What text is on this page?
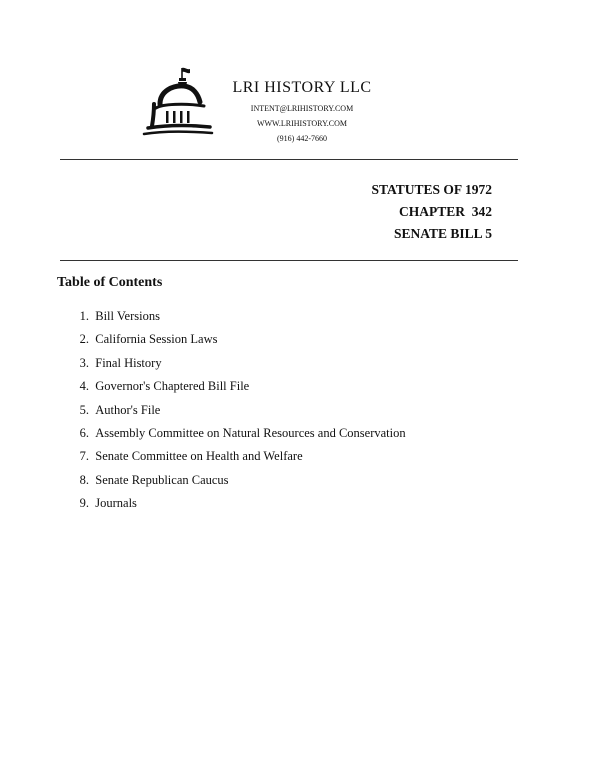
LRI HISTORY LLC
INTENT@LRIHISTORY.COM
WWW.LRIHISTORY.COM
(916) 442-7660
STATUTES OF 1972
CHAPTER  342
SENATE BILL 5
Table of Contents
1. Bill Versions
2. California Session Laws
3. Final History
4. Governor's Chaptered Bill File
5. Author's File
6. Assembly Committee on Natural Resources and Conservation
7. Senate Committee on Health and Welfare
8. Senate Republican Caucus
9. Journals
